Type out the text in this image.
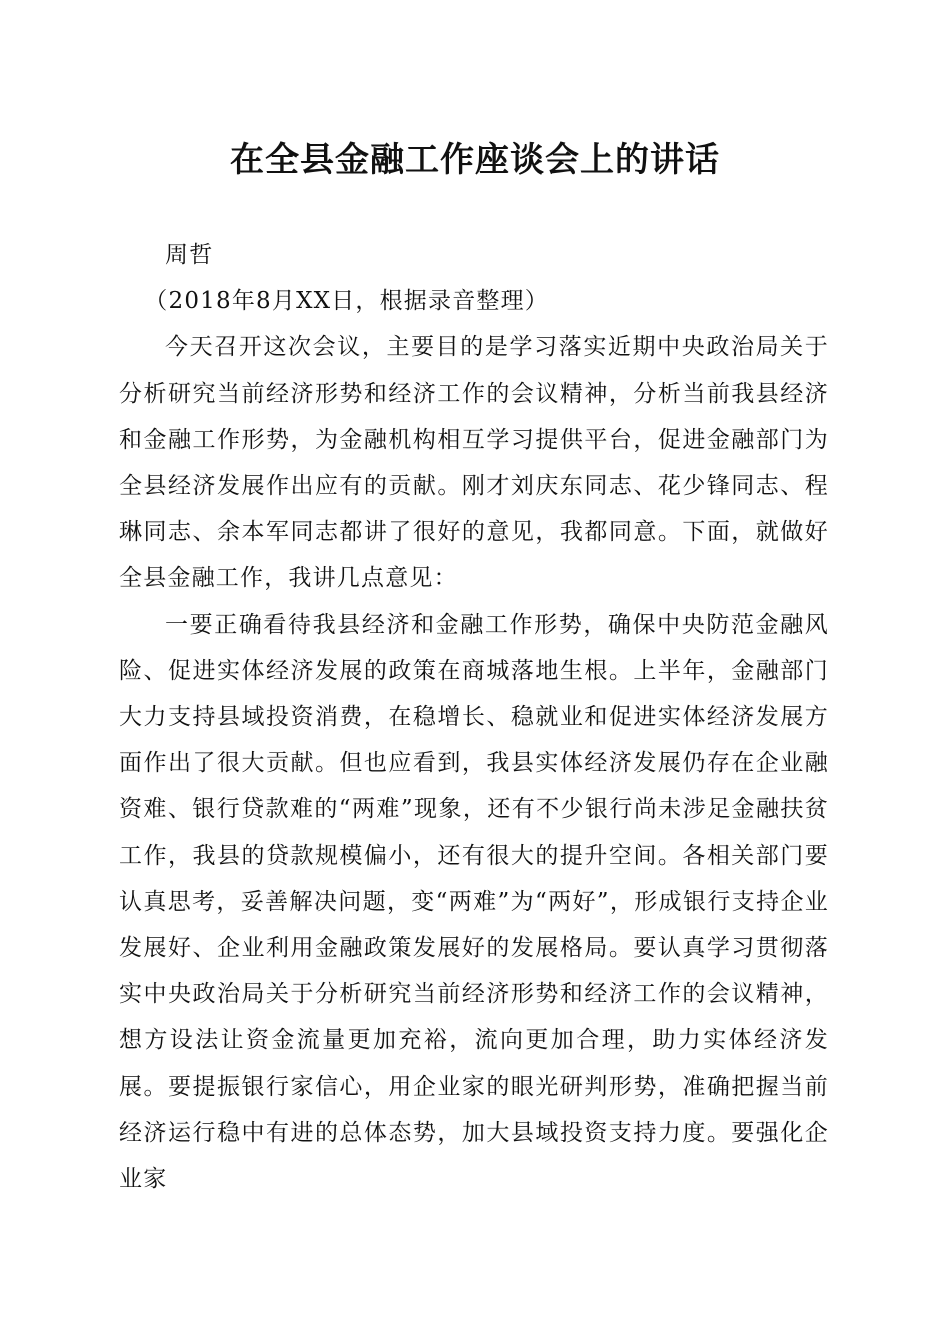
在全县金融工作座谈会上的讲话

周哲

（2018年8月XX日，根据录音整理）

今天召开这次会议，主要目的是学习落实近期中央政治局关于分析研究当前经济形势和经济工作的会议精神，分析当前我县经济和金融工作形势，为金融机构相互学习提供平台，促进金融部门为全县经济发展作出应有的贡献。刚才刘庆东同志、花少锋同志、程琳同志、余本军同志都讲了很好的意见，我都同意。下面，就做好全县金融工作，我讲几点意见：

一要正确看待我县经济和金融工作形势，确保中央防范金融风险、促进实体经济发展的政策在商城落地生根。上半年，金融部门大力支持县域投资消费，在稳增长、稳就业和促进实体经济发展方面作出了很大贡献。但也应看到，我县实体经济发展仍存在企业融资难、银行贷款难的“两难”现象，还有不少银行尚未涉足金融扶贫工作，我县的贷款规模偏小，还有很大的提升空间。各相关部门要认真思考，妥善解决问题，变“两难”为“两好”，形成银行支持企业发展好、企业利用金融政策发展好的发展格局。要认真学习贯彻落实中央政治局关于分析研究当前经济形势和经济工作的会议精神，想方设法让资金流量更加充裕，流向更加合理，助力实体经济发展。要提振银行家信心，用企业家的眼光研判形势，准确把握当前经济运行稳中有进的总体态势，加大县域投资支持力度。要强化企业家
